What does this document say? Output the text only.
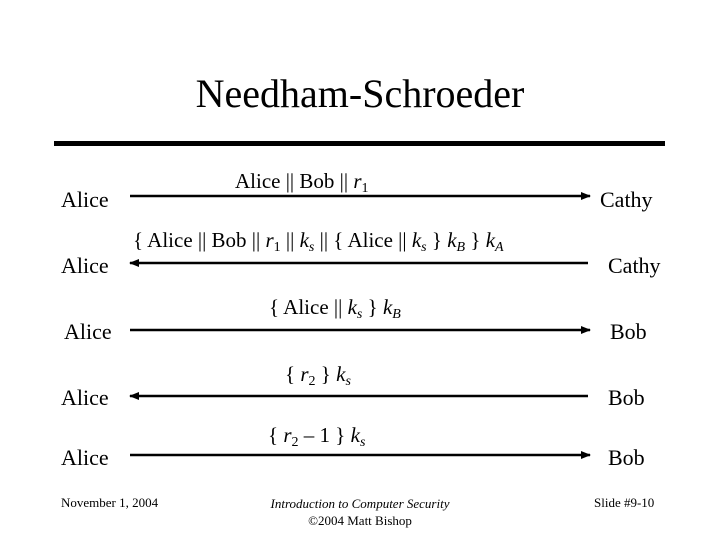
Needham-Schroeder
Alice	Cathy
Alice || Bob || $r_1$
Alice	Cathy
{ Alice || Bob || $r_1$ || $k_s$ || { Alice || $k_s$ } $k_B$ } $k_A$
Alice	Bob
{ Alice || $k_s$ } $k_B$
Alice	Bob
{ $r_2$ } $k_s$
Alice	Bob
{ $r_2 - 1$ } $k_s$
November 1, 2004	Introduction to Computer Security
©2004 Matt Bishop
Slide #9-10
